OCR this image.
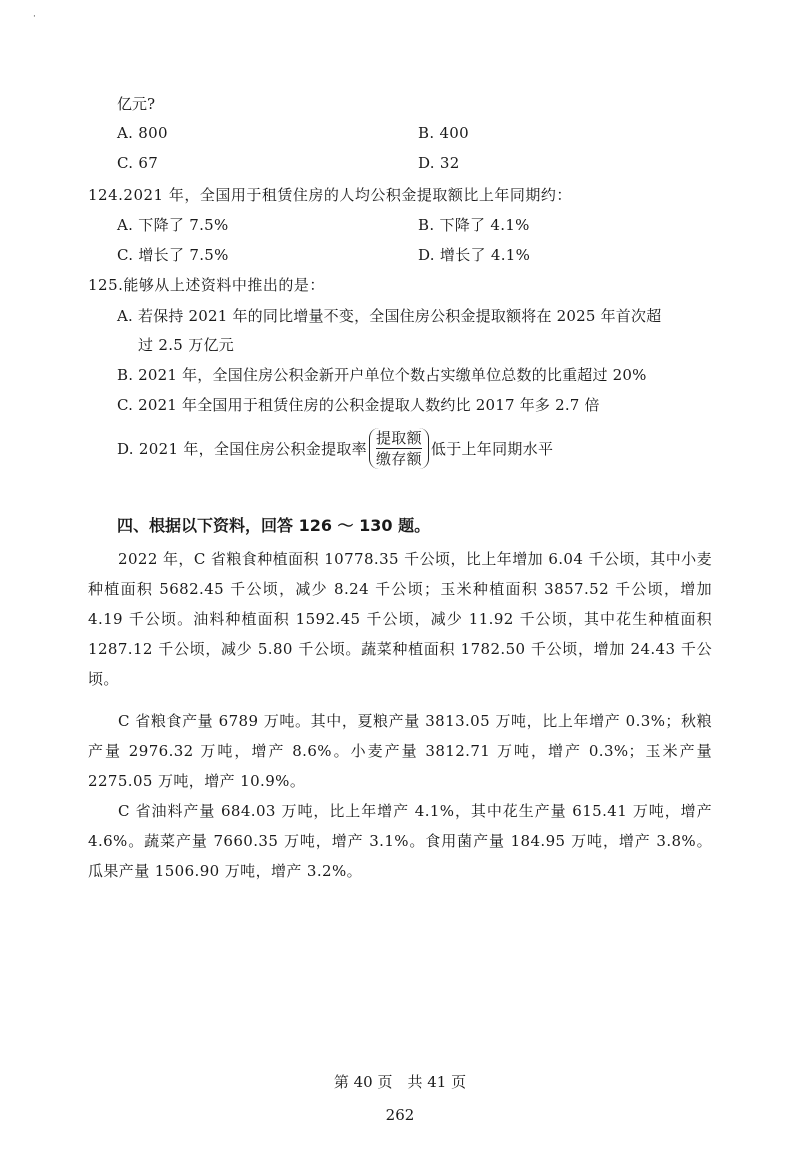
·
亿元?
A. 800	B. 400
C. 67	D. 32
124.2021 年，全国用于租赁住房的人均公积金提取额比上年同期约：
A. 下降了 7.5%	B. 下降了 4.1%
C. 增长了 7.5%	D. 增长了 4.1%
125.能够从上述资料中推出的是：
A. 若保持 2021 年的同比增量不变，全国住房公积金提取额将在 2025 年首次超
过 2.5 万亿元
B. 2021 年，全国住房公积金新开户单位个数占实缴单位总数的比重超过 20%
C. 2021 年全国用于租赁住房的公积金提取人数约比 2017 年多 2.7 倍
D. 2021 年，全国住房公积金提取率 $\frac{\text{提取额}}{\text{缴存额}}$ 低于上年同期水平
四、根据以下资料，回答 126 ～ 130 题。
2022 年，C 省粮食种植面积 10778.35 千公顷，比上年增加 6.04 千公顷，其中小麦种植面积 5682.45 千公顷，减少 8.24 千公顷；玉米种植面积 3857.52 千公顷，增加 4.19 千公顷。油料种植面积 1592.45 千公顷，减少 11.92 千公顷，其中花生种植面积 1287.12 千公顷，减少 5.80 千公顷。蔬菜种植面积 1782.50 千公顷，增加 24.43 千公顷。
C 省粮食产量 6789 万吨。其中，夏粮产量 3813.05 万吨，比上年增产 0.3%；秋粮产量 2976.32 万吨，增产 8.6%。小麦产量 3812.71 万吨，增产 0.3%；玉米产量 2275.05 万吨，增产 10.9%。
C 省油料产量 684.03 万吨，比上年增产 4.1%，其中花生产量 615.41 万吨，增产 4.6%。蔬菜产量 7660.35 万吨，增产 3.1%。食用菌产量 184.95 万吨，增产 3.8%。瓜果产量 1506.90 万吨，增产 3.2%。
第 40 页　共 41 页
262
